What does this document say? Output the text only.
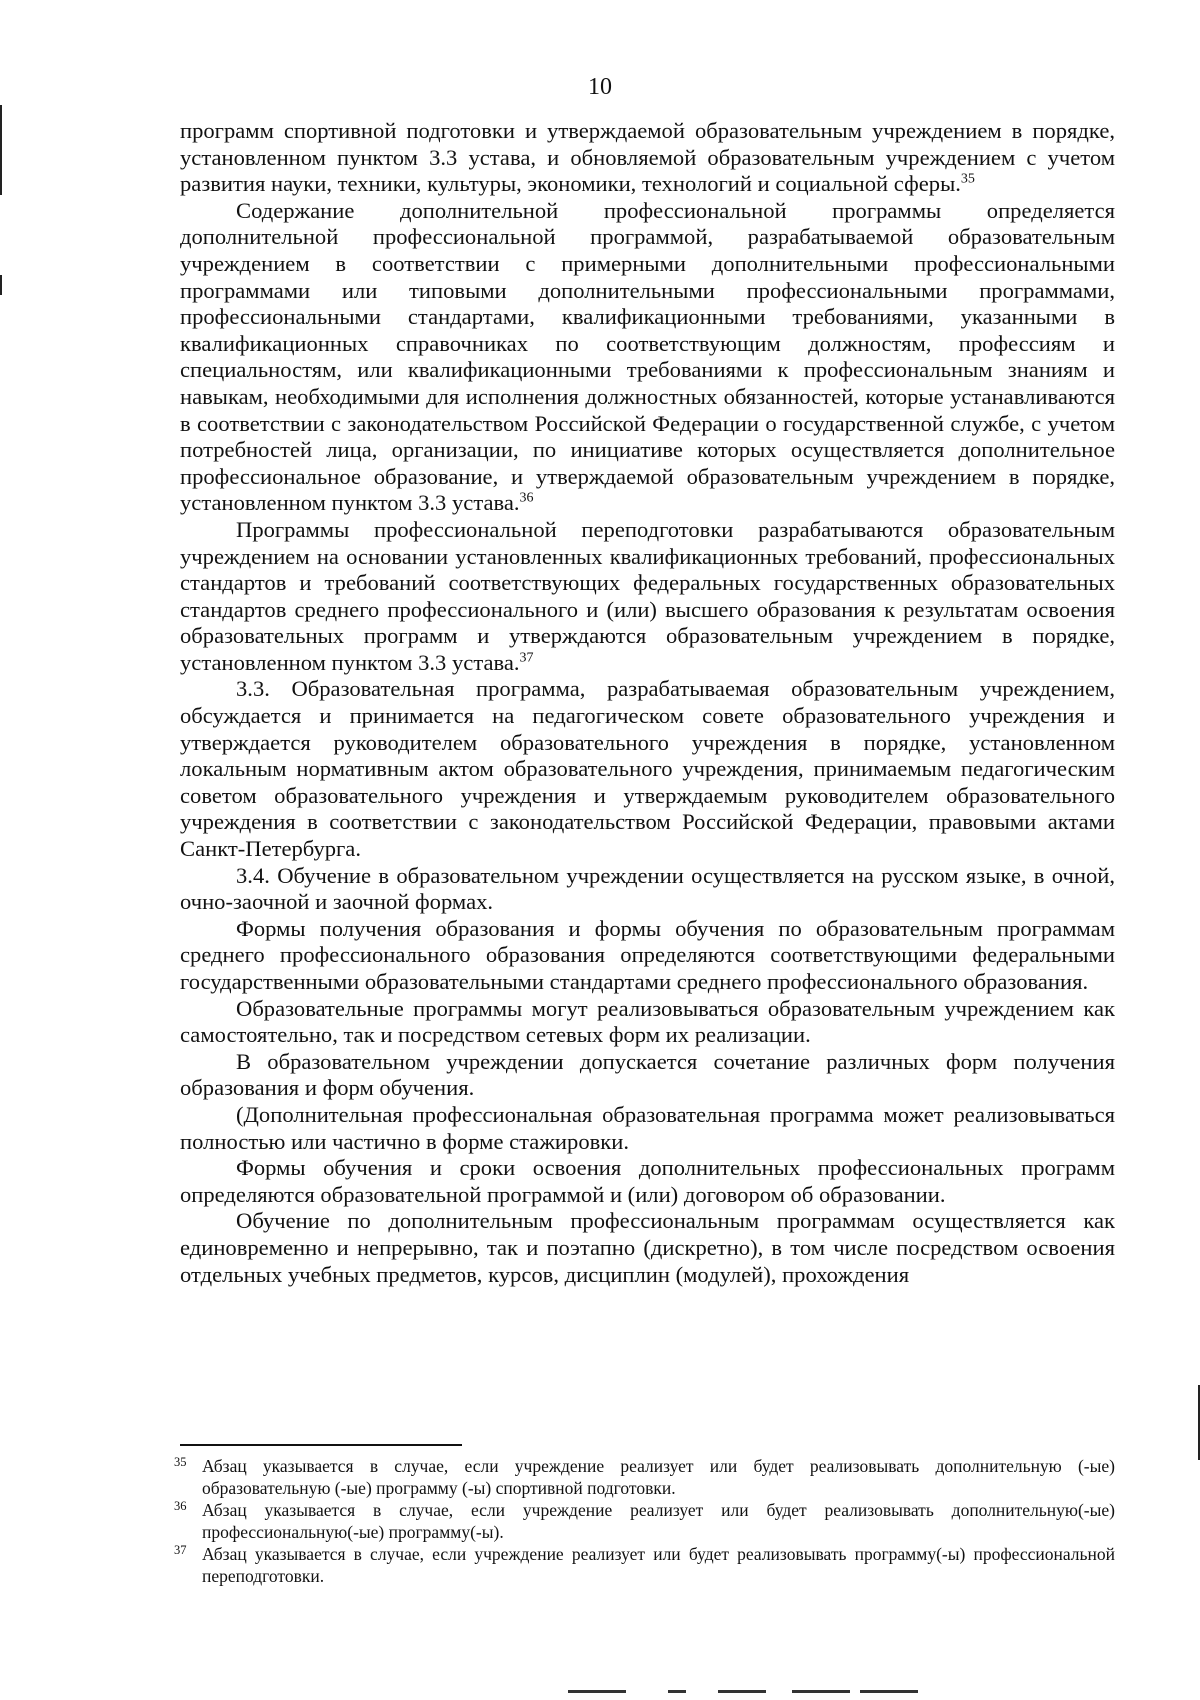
10

программ спортивной подготовки и утверждаемой образовательным учреждением в порядке, установленном пунктом 3.3 устава, и обновляемой образовательным учреждением с учетом развития науки, техники, культуры, экономики, технологий и социальной сферы.$^{35}$

Содержание дополнительной профессиональной программы определяется дополнительной профессиональной программой, разрабатываемой образовательным учреждением в соответствии с примерными дополнительными профессиональными программами или типовыми дополнительными профессиональными программами, профессиональными стандартами, квалификационными требованиями, указанными в квалификационных справочниках по соответствующим должностям, профессиям и специальностям, или квалификационными требованиями к профессиональным знаниям и навыкам, необходимыми для исполнения должностных обязанностей, которые устанавливаются в соответствии с законодательством Российской Федерации о государственной службе, с учетом потребностей лица, организации, по инициативе которых осуществляется дополнительное профессиональное образование, и утверждаемой образовательным учреждением в порядке, установленном пунктом 3.3 устава.$^{36}$

Программы профессиональной переподготовки разрабатываются образовательным учреждением на основании установленных квалификационных требований, профессиональных стандартов и требований соответствующих федеральных государственных образовательных стандартов среднего профессионального и (или) высшего образования к результатам освоения образовательных программ и утверждаются образовательным учреждением в порядке, установленном пунктом 3.3 устава.$^{37}$

3.3. Образовательная программа, разрабатываемая образовательным учреждением, обсуждается и принимается на педагогическом совете образовательного учреждения и утверждается руководителем образовательного учреждения в порядке, установленном локальным нормативным актом образовательного учреждения, принимаемым педагогическим советом образовательного учреждения и утверждаемым руководителем образовательного учреждения в соответствии с законодательством Российской Федерации, правовыми актами Санкт-Петербурга.

3.4. Обучение в образовательном учреждении осуществляется на русском языке, в очной, очно-заочной и заочной формах.

Формы получения образования и формы обучения по образовательным программам среднего профессионального образования определяются соответствующими федеральными государственными образовательными стандартами среднего профессионального образования.

Образовательные программы могут реализовываться образовательным учреждением как самостоятельно, так и посредством сетевых форм их реализации.

В образовательном учреждении допускается сочетание различных форм получения образования и форм обучения.

(Дополнительная профессиональная образовательная программа может реализовываться полностью или частично в форме стажировки.

Формы обучения и сроки освоения дополнительных профессиональных программ определяются образовательной программой и (или) договором об образовании.

Обучение по дополнительным профессиональным программам осуществляется как единовременно и непрерывно, так и поэтапно (дискретно), в том числе посредством освоения отдельных учебных предметов, курсов, дисциплин (модулей), прохождения

35 Абзац указывается в случае, если учреждение реализует или будет реализовывать дополнительную (-ые) образовательную (-ые) программу (-ы) спортивной подготовки.
36 Абзац указывается в случае, если учреждение реализует или будет реализовывать дополнительную(-ые) профессиональную(-ые) программу(-ы).
37 Абзац указывается в случае, если учреждение реализует или будет реализовывать программу(-ы) профессиональной переподготовки.
